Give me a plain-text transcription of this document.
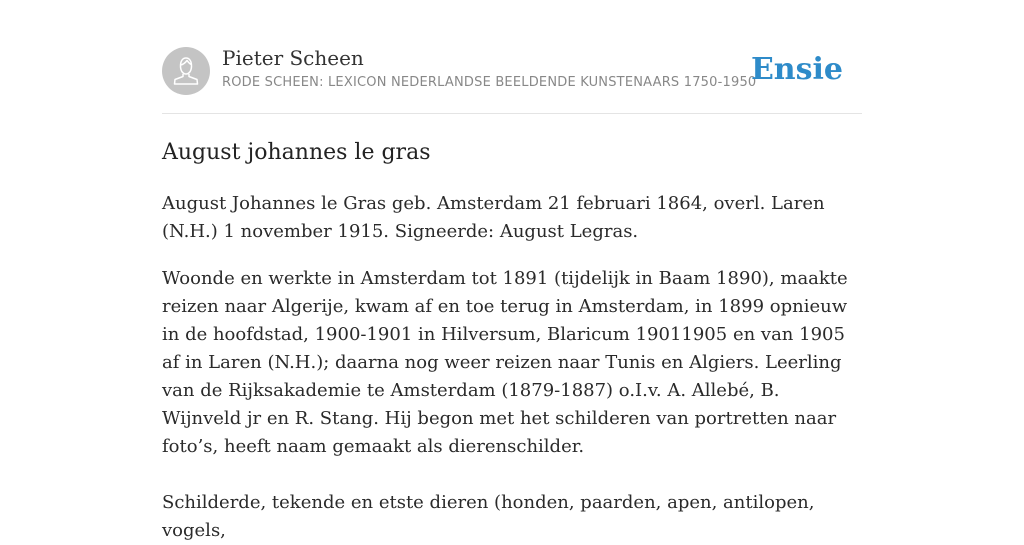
Pieter Scheen
RODE SCHEEN: LEXICON NEDERLANDSE BEELDENDE KUNSTENAARS 1750-1950
Ensie
August johannes le gras

August Johannes le Gras geb. Amsterdam 21 februari 1864, overl. Laren (N.H.) 1 november 1915. Signeerde: August Legras.

Woonde en werkte in Amsterdam tot 1891 (tijdelijk in Baam 1890), maakte reizen naar Algerije, kwam af en toe terug in Amsterdam, in 1899 opnieuw in de hoofdstad, 1900-1901 in Hilversum, Blaricum 19011905 en van 1905 af in Laren (N.H.); daarna nog weer reizen naar Tunis en Algiers. Leerling van de Rijksakademie te Amsterdam (1879-1887) o.I.v. A. Allebé, B. Wijnveld jr en R. Stang. Hij begon met het schilderen van portretten naar foto’s, heeft naam gemaakt als dierenschilder.

Schilderde, tekende en etste dieren (honden, paarden, apen, antilopen, vogels,
